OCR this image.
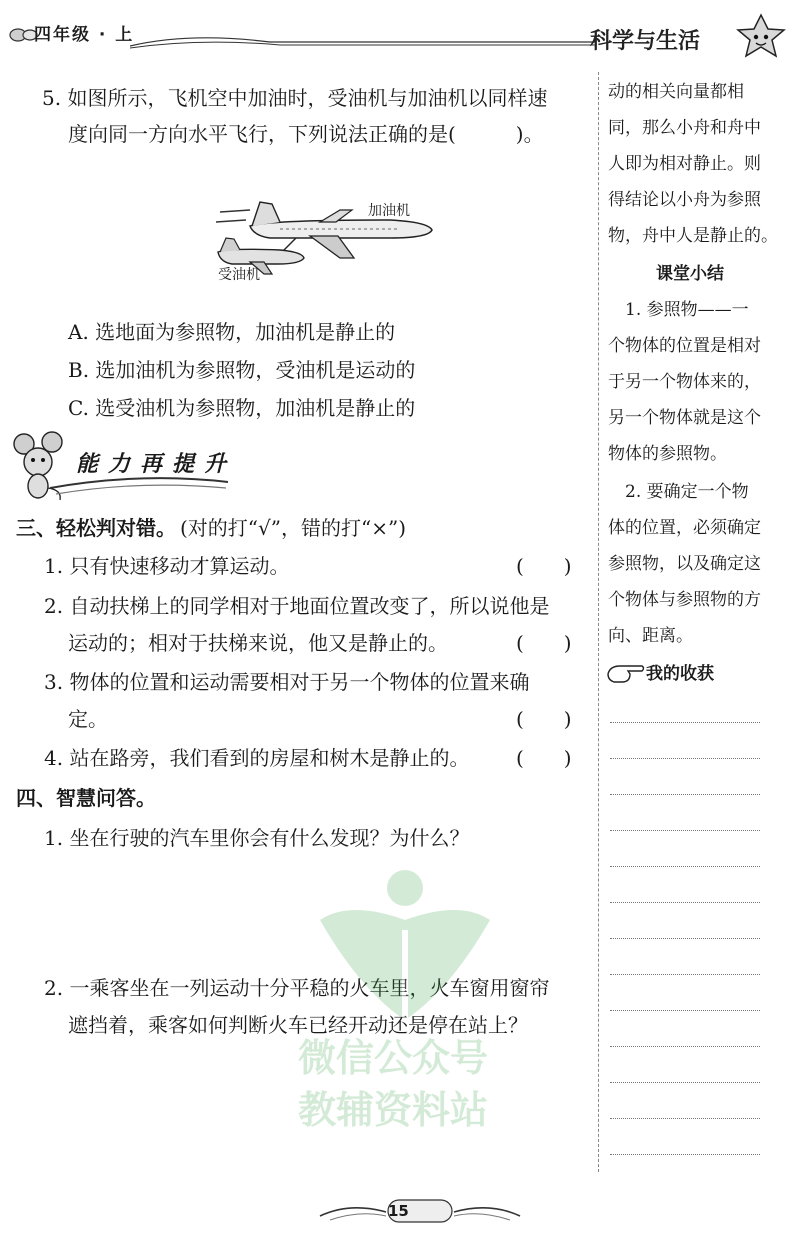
四年级 · 上	科学与生活
5. 如图所示，飞机空中加油时，受油机与加油机以同样速
度向同一方向水平飞行，下列说法正确的是(　　　)。
加油机
受油机
A. 选地面为参照物，加油机是静止的
B. 选加油机为参照物，受油机是运动的
C. 选受油机为参照物，加油机是静止的
能力再提升
三、轻松判对错。 (对的打“√”，错的打“×”)
1. 只有快速移动才算运动。	(　　)
2. 自动扶梯上的同学相对于地面位置改变了，所以说他是
运动的；相对于扶梯来说，他又是静止的。	(　　)
3. 物体的位置和运动需要相对于另一个物体的位置来确
定。	(　　)
4. 站在路旁，我们看到的房屋和树木是静止的。 (　　)
四、智慧问答。
1. 坐在行驶的汽车里你会有什么发现？为什么？
2. 一乘客坐在一列运动十分平稳的火车里，火车窗用窗帘
遮挡着，乘客如何判断火车已经开动还是停在站上？
微信公众号
教辅资料站
动的相关向量都相
同，那么小舟和舟中
人即为相对静止。则
得结论以小舟为参照
物，舟中人是静止的。
课堂小结
　1. 参照物——一
个物体的位置是相对
于另一个物体来的，
另一个物体就是这个
物体的参照物。
　2. 要确定一个物
体的位置，必须确定
参照物，以及确定这
个物体与参照物的方
向、距离。
我的收获
15
